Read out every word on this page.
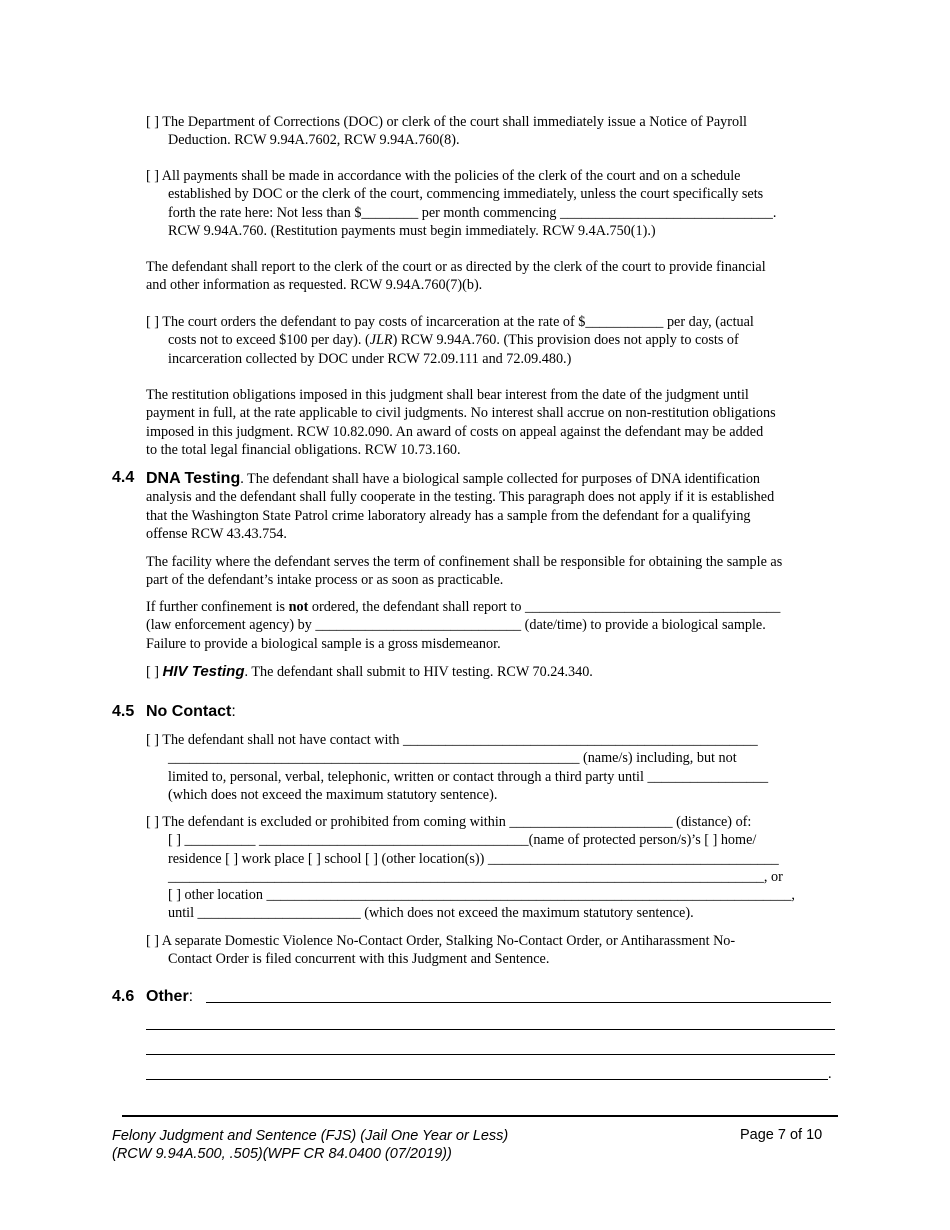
[ ] The Department of Corrections (DOC) or clerk of the court shall immediately issue a Notice of Payroll
Deduction. RCW 9.94A.7602, RCW 9.94A.760(8).

[ ] All payments shall be made in accordance with the policies of the clerk of the court and on a schedule
established by DOC or the clerk of the court, commencing immediately, unless the court specifically sets
forth the rate here: Not less than $________ per month commencing ______________________________.
RCW 9.94A.760. (Restitution payments must begin immediately. RCW 9.4A.750(1).)

The defendant shall report to the clerk of the court or as directed by the clerk of the court to provide financial
and other information as requested. RCW 9.94A.760(7)(b).

[ ] The court orders the defendant to pay costs of incarceration at the rate of $___________ per day, (actual
costs not to exceed $100 per day). (JLR) RCW 9.94A.760. (This provision does not apply to costs of
incarceration collected by DOC under RCW 72.09.111 and 72.09.480.)

The restitution obligations imposed in this judgment shall bear interest from the date of the judgment until
payment in full, at the rate applicable to civil judgments. No interest shall accrue on non-restitution obligations
imposed in this judgment. RCW 10.82.090. An award of costs on appeal against the defendant may be added
to the total legal financial obligations. RCW 10.73.160.

4.4 DNA Testing. The defendant shall have a biological sample collected for purposes of DNA identification
analysis and the defendant shall fully cooperate in the testing. This paragraph does not apply if it is established
that the Washington State Patrol crime laboratory already has a sample from the defendant for a qualifying
offense RCW 43.43.754.

The facility where the defendant serves the term of confinement shall be responsible for obtaining the sample as
part of the defendant’s intake process or as soon as practicable.

If further confinement is not ordered, the defendant shall report to ____________________________________
(law enforcement agency) by _____________________________ (date/time) to provide a biological sample.
Failure to provide a biological sample is a gross misdemeanor.

[ ] HIV Testing. The defendant shall submit to HIV testing. RCW 70.24.340.

4.5 No Contact:

[ ] The defendant shall not have contact with __________________________________________________
__________________________________________________________ (name/s) including, but not
limited to, personal, verbal, telephonic, written or contact through a third party until _________________
(which does not exceed the maximum statutory sentence).

[ ] The defendant is excluded or prohibited from coming within _______________________ (distance) of:
[ ] __________ ______________________________________(name of protected person/s)’s [ ] home/
residence [ ] work place [ ] school [ ] (other location(s)) _________________________________________
____________________________________________________________________________________, or
[ ] other location __________________________________________________________________________,
until _______________________ (which does not exceed the maximum statutory sentence).

[ ] A separate Domestic Violence No-Contact Order, Stalking No-Contact Order, or Antiharassment No-
Contact Order is filed concurrent with this Judgment and Sentence.

4.6 Other:
.
Felony Judgment and Sentence (FJS) (Jail One Year or Less)
(RCW 9.94A.500, .505)(WPF CR 84.0400 (07/2019))
Page 7 of 10
